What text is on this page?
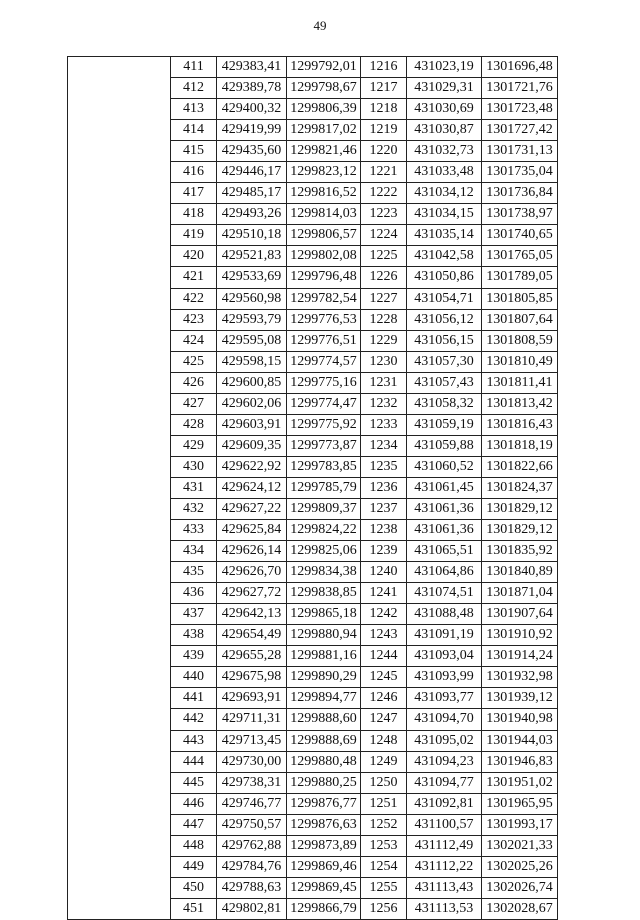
49
	411	429383,41	1299792,01	1216	431023,19	1301696,48
	412	429389,78	1299798,67	1217	431029,31	1301721,76
	413	429400,32	1299806,39	1218	431030,69	1301723,48
	414	429419,99	1299817,02	1219	431030,87	1301727,42
	415	429435,60	1299821,46	1220	431032,73	1301731,13
	416	429446,17	1299823,12	1221	431033,48	1301735,04
	417	429485,17	1299816,52	1222	431034,12	1301736,84
	418	429493,26	1299814,03	1223	431034,15	1301738,97
	419	429510,18	1299806,57	1224	431035,14	1301740,65
	420	429521,83	1299802,08	1225	431042,58	1301765,05
	421	429533,69	1299796,48	1226	431050,86	1301789,05
	422	429560,98	1299782,54	1227	431054,71	1301805,85
	423	429593,79	1299776,53	1228	431056,12	1301807,64
	424	429595,08	1299776,51	1229	431056,15	1301808,59
	425	429598,15	1299774,57	1230	431057,30	1301810,49
	426	429600,85	1299775,16	1231	431057,43	1301811,41
	427	429602,06	1299774,47	1232	431058,32	1301813,42
	428	429603,91	1299775,92	1233	431059,19	1301816,43
	429	429609,35	1299773,87	1234	431059,88	1301818,19
	430	429622,92	1299783,85	1235	431060,52	1301822,66
	431	429624,12	1299785,79	1236	431061,45	1301824,37
	432	429627,22	1299809,37	1237	431061,36	1301829,12
	433	429625,84	1299824,22	1238	431061,36	1301829,12
	434	429626,14	1299825,06	1239	431065,51	1301835,92
	435	429626,70	1299834,38	1240	431064,86	1301840,89
	436	429627,72	1299838,85	1241	431074,51	1301871,04
	437	429642,13	1299865,18	1242	431088,48	1301907,64
	438	429654,49	1299880,94	1243	431091,19	1301910,92
	439	429655,28	1299881,16	1244	431093,04	1301914,24
	440	429675,98	1299890,29	1245	431093,99	1301932,98
	441	429693,91	1299894,77	1246	431093,77	1301939,12
	442	429711,31	1299888,60	1247	431094,70	1301940,98
	443	429713,45	1299888,69	1248	431095,02	1301944,03
	444	429730,00	1299880,48	1249	431094,23	1301946,83
	445	429738,31	1299880,25	1250	431094,77	1301951,02
	446	429746,77	1299876,77	1251	431092,81	1301965,95
	447	429750,57	1299876,63	1252	431100,57	1301993,17
	448	429762,88	1299873,89	1253	431112,49	1302021,33
	449	429784,76	1299869,46	1254	431112,22	1302025,26
	450	429788,63	1299869,45	1255	431113,43	1302026,74
	451	429802,81	1299866,79	1256	431113,53	1302028,67
